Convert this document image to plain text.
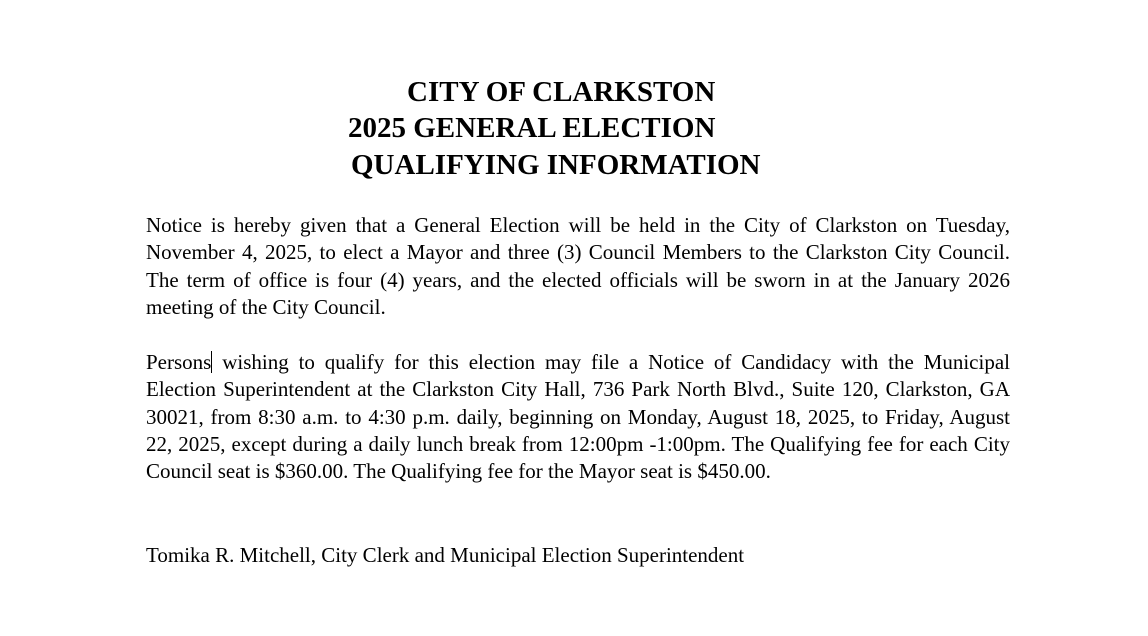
CITY OF CLARKSTON
2025 GENERAL ELECTION
QUALIFYING INFORMATION
Notice is hereby given that a General Election will be held in the City of Clarkston on Tuesday, November 4, 2025, to elect a Mayor and three (3) Council Members to the Clarkston City Council. The term of office is four (4) years, and the elected officials will be sworn in at the January 2026 meeting of the City Council.
Persons wishing to qualify for this election may file a Notice of Candidacy with the Municipal Election Superintendent at the Clarkston City Hall, 736 Park North Blvd., Suite 120, Clarkston, GA 30021, from 8:30 a.m. to 4:30 p.m. daily, beginning on Monday, August 18, 2025, to Friday, August 22, 2025, except during a daily lunch break from 12:00pm -1:00pm. The Qualifying fee for each City Council seat is $360.00. The Qualifying fee for the Mayor seat is $450.00.
Tomika R. Mitchell, City Clerk and Municipal Election Superintendent
